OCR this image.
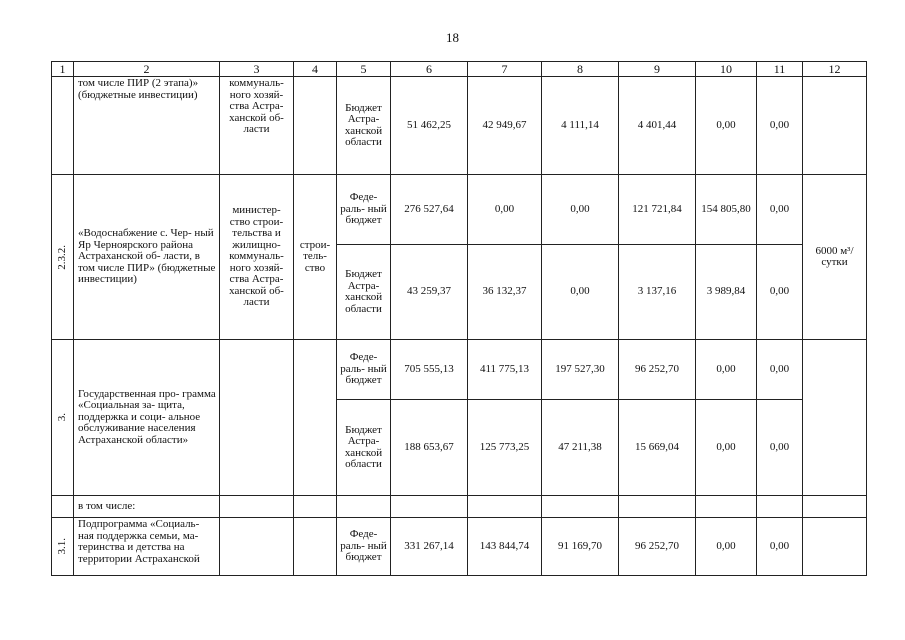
18
1	2	3	4	5	6	7	8	9	10	11	12
	том числе ПИР (2 этапа)» (бюджетные инвестиции)	коммуналь- ного хозяй- ства Астра- ханской об- ласти		Бюджет Астра- ханской области	51 462,25	42 949,67	4 111,14	4 401,44	0,00	0,00	

2.3.2.	«Водоснабжение с. Чер- ный Яр Черноярского района Астраханской об- ласти, в том числе ПИР» (бюджетные инвестиции)	министер- ство строи- тельства и жилищно- коммуналь- ного хозяй- ства Астра- ханской об- ласти	строи- тель- ство	Феде- раль- ный бюджет	276 527,64	0,00	0,00	121 721,84	154 805,80	0,00	6000 м³/ сутки
				Бюджет Астра- ханской области	43 259,37	36 132,37	0,00	3 137,16	3 989,84	0,00	

3.	Государственная про- грамма «Социальная за- щита, поддержка и соци- альное обслуживание населения Астраханской области»			Феде- раль- ный бюджет	705 555,13	411 775,13	197 527,30	96 252,70	0,00	0,00	
				Бюджет Астра- ханской области	188 653,67	125 773,25	47 211,38	15 669,04	0,00	0,00	
	в том числе:										

3.1.	Подпрограмма «Социаль- ная поддержка семьи, ма- теринства и детства на территории Астраханской			Феде- раль- ный бюджет	331 267,14	143 844,74	91 169,70	96 252,70	0,00	0,00	
